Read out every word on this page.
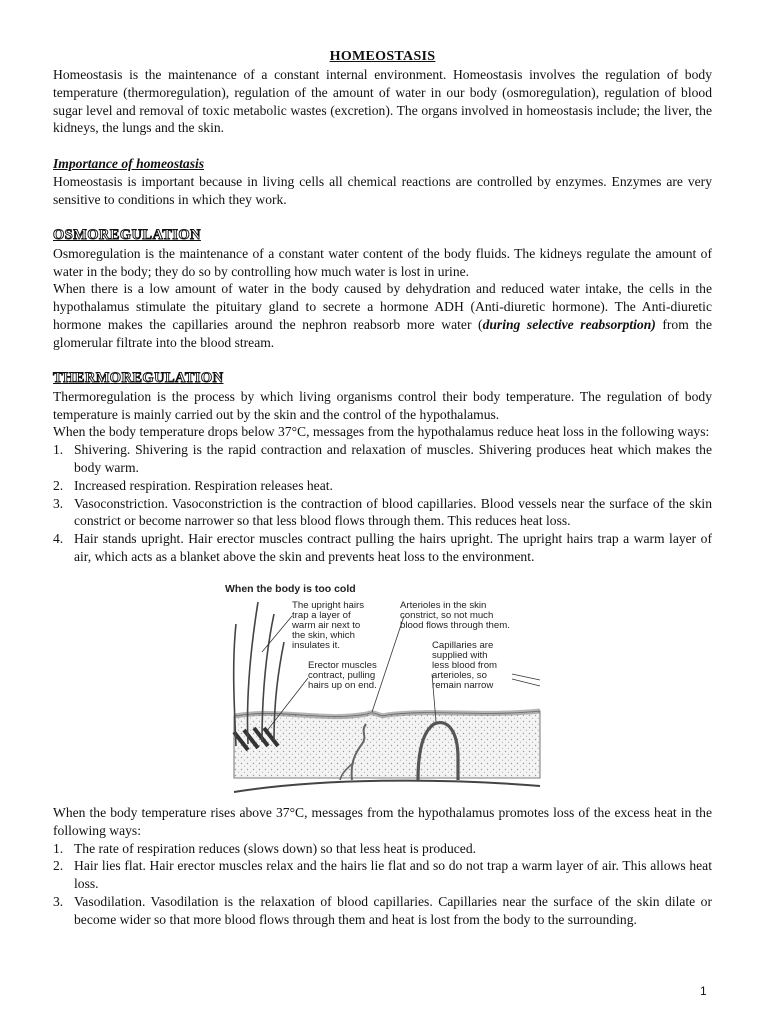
HOMEOSTASIS

Homeostasis is the maintenance of a constant internal environment. Homeostasis involves the regulation of body temperature (thermoregulation), regulation of the amount of water in our body (osmoregulation), regulation of blood sugar level and removal of toxic metabolic wastes (excretion). The organs involved in homeostasis include; the liver, the kidneys, the lungs and the skin.

Importance of homeostasis

Homeostasis is important because in living cells all chemical reactions are controlled by enzymes. Enzymes are very sensitive to conditions in which they work.

OSMOREGULATION

Osmoregulation is the maintenance of a constant water content of the body fluids. The kidneys regulate the amount of water in the body; they do so by controlling how much water is lost in urine.

When there is a low amount of water in the body caused by dehydration and reduced water intake, the cells in the hypothalamus stimulate the pituitary gland to secrete a hormone ADH (Anti-diuretic hormone). The Anti-diuretic hormone makes the capillaries around the nephron reabsorb more water (during selective reabsorption) from the glomerular filtrate into the blood stream.

THERMOREGULATION

Thermoregulation is the process by which living organisms control their body temperature. The regulation of body temperature is mainly carried out by the skin and the control of the hypothalamus.

When the body temperature drops below 37°C, messages from the hypothalamus reduce heat loss in the following ways:

1. Shivering. Shivering is the rapid contraction and relaxation of muscles. Shivering produces heat which makes the body warm.
2. Increased respiration. Respiration releases heat.
3. Vasoconstriction. Vasoconstriction is the contraction of blood capillaries. Blood vessels near the surface of the skin constrict or become narrower so that less blood flows through them. This reduces heat loss.
4. Hair stands upright. Hair erector muscles contract pulling the hairs upright. The upright hairs trap a warm layer of air, which acts as a blanket above the skin and prevents heat loss to the environment.
When the body is too cold
The upright hairs trap a layer of warm air next to the skin, which insulates it.
Arterioles in the skin constrict, so not much blood flows through them.
Erector muscles contract, pulling hairs up on end.
Capillaries are supplied with less blood from arterioles, so remain narrow

When the body temperature rises above 37°C, messages from the hypothalamus promotes loss of the excess heat in the following ways:

1. The rate of respiration reduces (slows down) so that less heat is produced.
2. Hair lies flat. Hair erector muscles relax and the hairs lie flat and so do not trap a warm layer of air. This allows heat loss.
3. Vasodilation. Vasodilation is the relaxation of blood capillaries. Capillaries near the surface of the skin dilate or become wider so that more blood flows through them and heat is lost from the body to the surrounding.
1
